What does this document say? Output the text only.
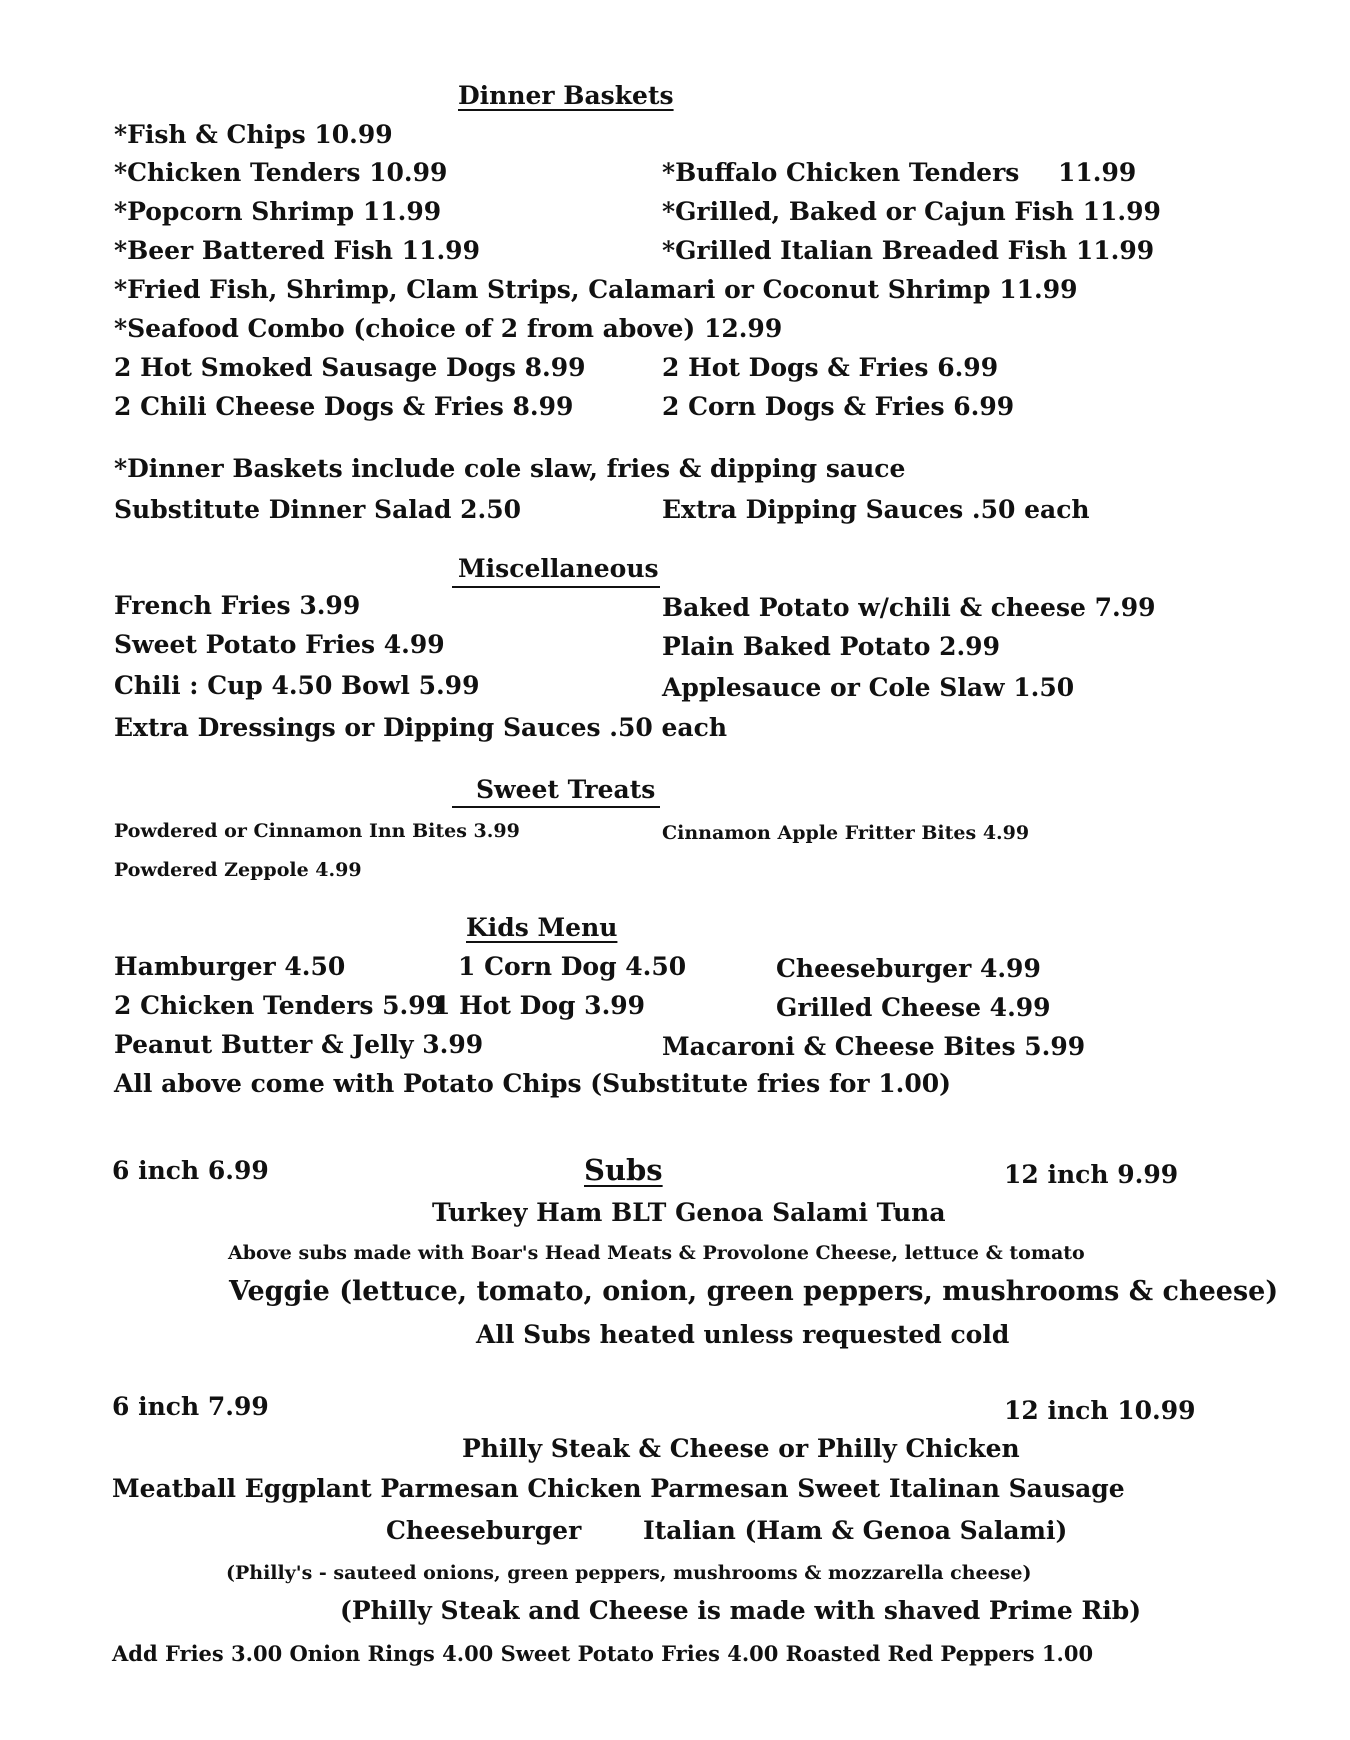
Dinner Baskets
*Fish & Chips 10.99
*Chicken Tenders 10.99	*Buffalo Chicken Tenders 11.99
*Popcorn Shrimp 11.99	*Grilled, Baked or Cajun Fish 11.99
*Beer Battered Fish 11.99	*Grilled Italian Breaded Fish 11.99
*Fried Fish, Shrimp, Clam Strips, Calamari or Coconut Shrimp 11.99
*Seafood Combo (choice of 2 from above) 12.99
2 Hot Smoked Sausage Dogs 8.99	2 Hot Dogs & Fries 6.99
2 Chili Cheese Dogs & Fries 8.99	2 Corn Dogs & Fries 6.99
*Dinner Baskets include cole slaw, fries & dipping sauce
Substitute Dinner Salad 2.50	Extra Dipping Sauces .50 each
Miscellaneous
French Fries 3.99	Baked Potato w/chili & cheese 7.99
Sweet Potato Fries 4.99	Plain Baked Potato 2.99
Chili : Cup 4.50 Bowl 5.99	Applesauce or Cole Slaw 1.50
Extra Dressings or Dipping Sauces .50 each
Sweet Treats
Powdered or Cinnamon Inn Bites 3.99	Cinnamon Apple Fritter Bites 4.99
Powdered Zeppole 4.99
Kids Menu
Hamburger 4.50	1 Corn Dog 4.50	Cheeseburger 4.99
2 Chicken Tenders 5.99
1 Hot Dog 3.99	Grilled Cheese 4.99
Peanut Butter & Jelly 3.99	Macaroni & Cheese Bites 5.99
All above come with Potato Chips (Substitute fries for 1.00)
6 inch 6.99	Subs	12 inch 9.99
Turkey Ham BLT Genoa Salami Tuna
Above subs made with Boar's Head Meats & Provolone Cheese, lettuce & tomato
Veggie (lettuce, tomato, onion, green peppers, mushrooms & cheese)
All Subs heated unless requested cold
6 inch 7.99	12 inch 10.99
Philly Steak & Cheese or Philly Chicken
Meatball Eggplant Parmesan Chicken Parmesan Sweet Italinan Sausage
Cheeseburger Italian (Ham & Genoa Salami)
(Philly's - sauteed onions, green peppers, mushrooms & mozzarella cheese)
(Philly Steak and Cheese is made with shaved Prime Rib)
Add Fries 3.00 Onion Rings 4.00 Sweet Potato Fries 4.00 Roasted Red Peppers 1.00
